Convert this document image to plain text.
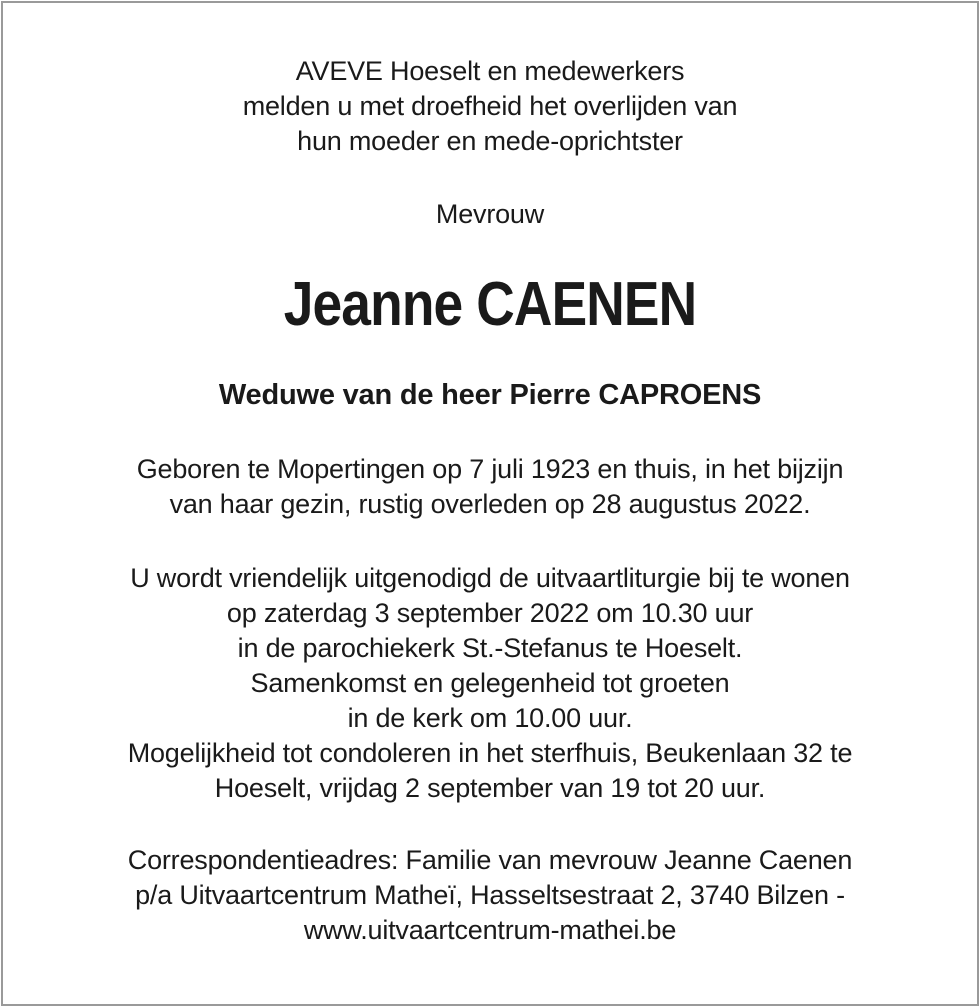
AVEVE Hoeselt en medewerkers
melden u met droefheid het overlijden van
hun moeder en mede-oprichtster
Mevrouw
Jeanne CAENEN
Weduwe van de heer Pierre CAPROENS
Geboren te Mopertingen op 7 juli 1923 en thuis, in het bijzijn
van haar gezin, rustig overleden op 28 augustus 2022.
U wordt vriendelijk uitgenodigd de uitvaartliturgie bij te wonen
op zaterdag 3 september 2022 om 10.30 uur
in de parochiekerk St.-Stefanus te Hoeselt.
Samenkomst en gelegenheid tot groeten
in de kerk om 10.00 uur.
Mogelijkheid tot condoleren in het sterfhuis, Beukenlaan 32 te
Hoeselt, vrijdag 2 september van 19 tot 20 uur.
Correspondentieadres: Familie van mevrouw Jeanne Caenen
p/a Uitvaartcentrum Matheï, Hasseltsestraat 2, 3740 Bilzen -
www.uitvaartcentrum-mathei.be
